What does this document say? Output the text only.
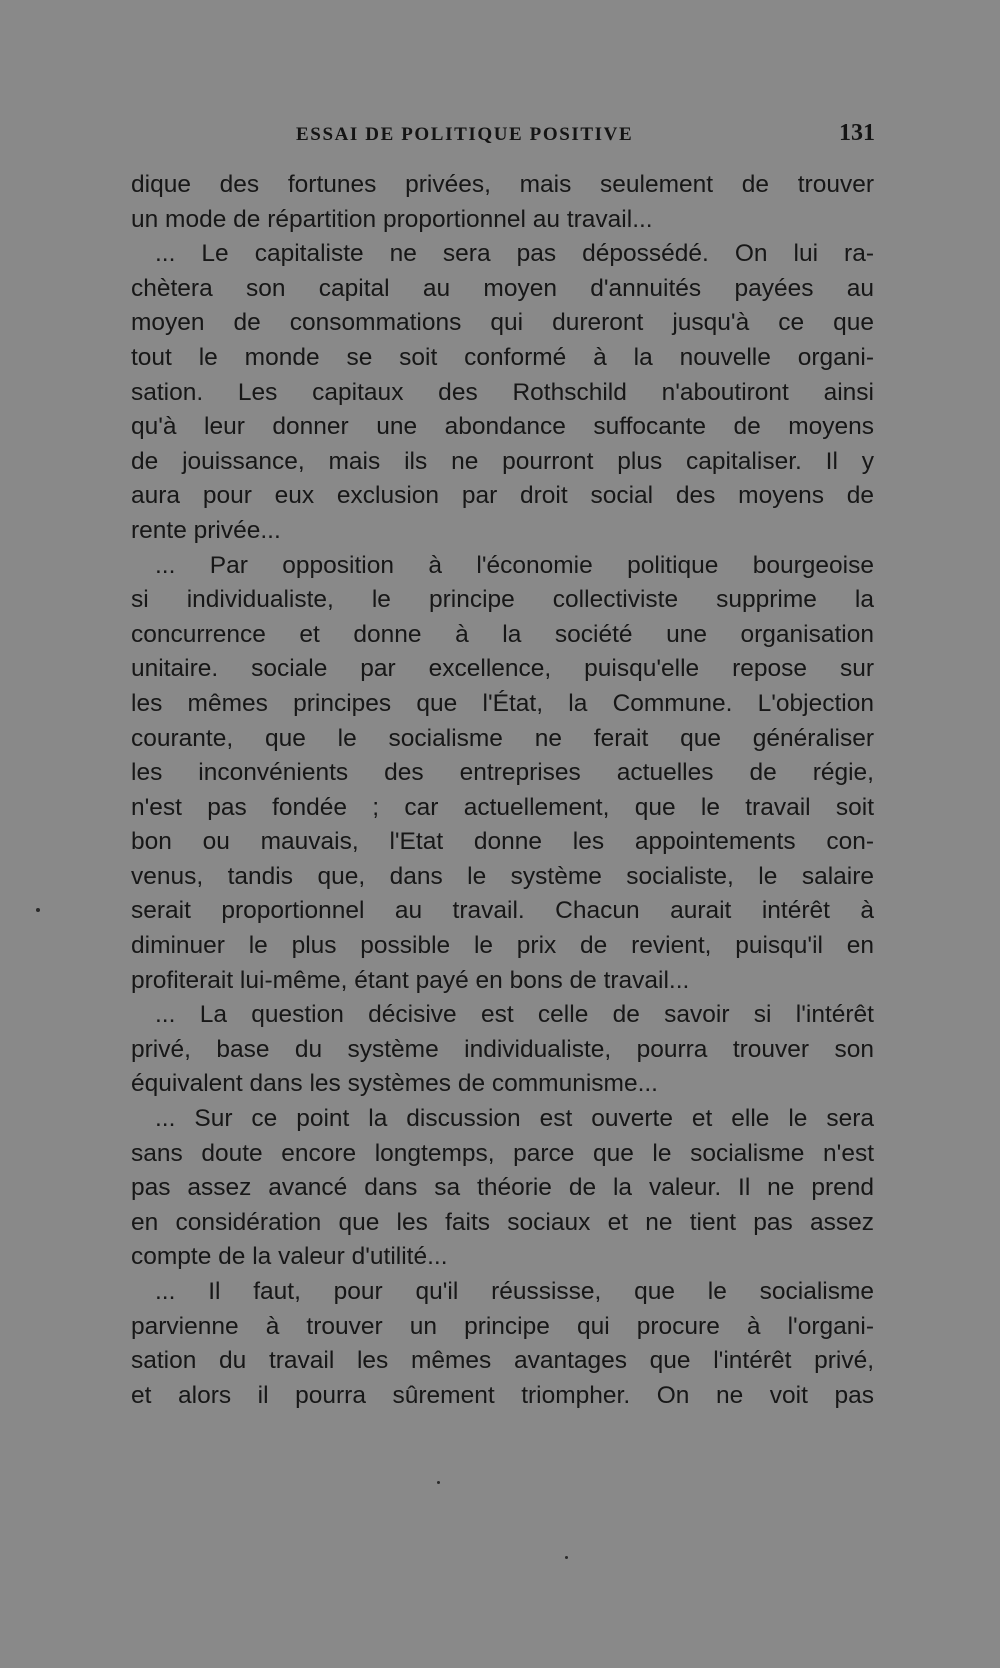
ESSAI DE POLITIQUE POSITIVE	131
dique des fortunes privées, mais seulement de trouver
un mode de répartition proportionnel au travail...
... Le capitaliste ne sera pas dépossédé. On lui ra-
chètera son capital au moyen d'annuités payées au
moyen de consommations qui dureront jusqu'à ce que
tout le monde se soit conformé à la nouvelle organi-
sation. Les capitaux des Rothschild n'aboutiront ainsi
qu'à leur donner une abondance suffocante de moyens
de jouissance, mais ils ne pourront plus capitaliser. Il y
aura pour eux exclusion par droit social des moyens de
rente privée...
... Par opposition à l'économie politique bourgeoise
si individualiste, le principe collectiviste supprime la
concurrence et donne à la société une organisation
unitaire. sociale par excellence, puisqu'elle repose sur
les mêmes principes que l'État, la Commune. L'objection
courante, que le socialisme ne ferait que généraliser
les inconvénients des entreprises actuelles de régie,
n'est pas fondée ; car actuellement, que le travail soit
bon ou mauvais, l'Etat donne les appointements con-
venus, tandis que, dans le système socialiste, le salaire
serait proportionnel au travail. Chacun aurait intérêt à
diminuer le plus possible le prix de revient, puisqu'il en
profiterait lui-même, étant payé en bons de travail...
... La question décisive est celle de savoir si l'intérêt
privé, base du système individualiste, pourra trouver son
équivalent dans les systèmes de communisme...
... Sur ce point la discussion est ouverte et elle le sera
sans doute encore longtemps, parce que le socialisme n'est
pas assez avancé dans sa théorie de la valeur. Il ne prend
en considération que les faits sociaux et ne tient pas assez
compte de la valeur d'utilité...
... Il faut, pour qu'il réussisse, que le socialisme
parvienne à trouver un principe qui procure à l'organi-
sation du travail les mêmes avantages que l'intérêt privé,
et alors il pourra sûrement triompher. On ne voit pas
